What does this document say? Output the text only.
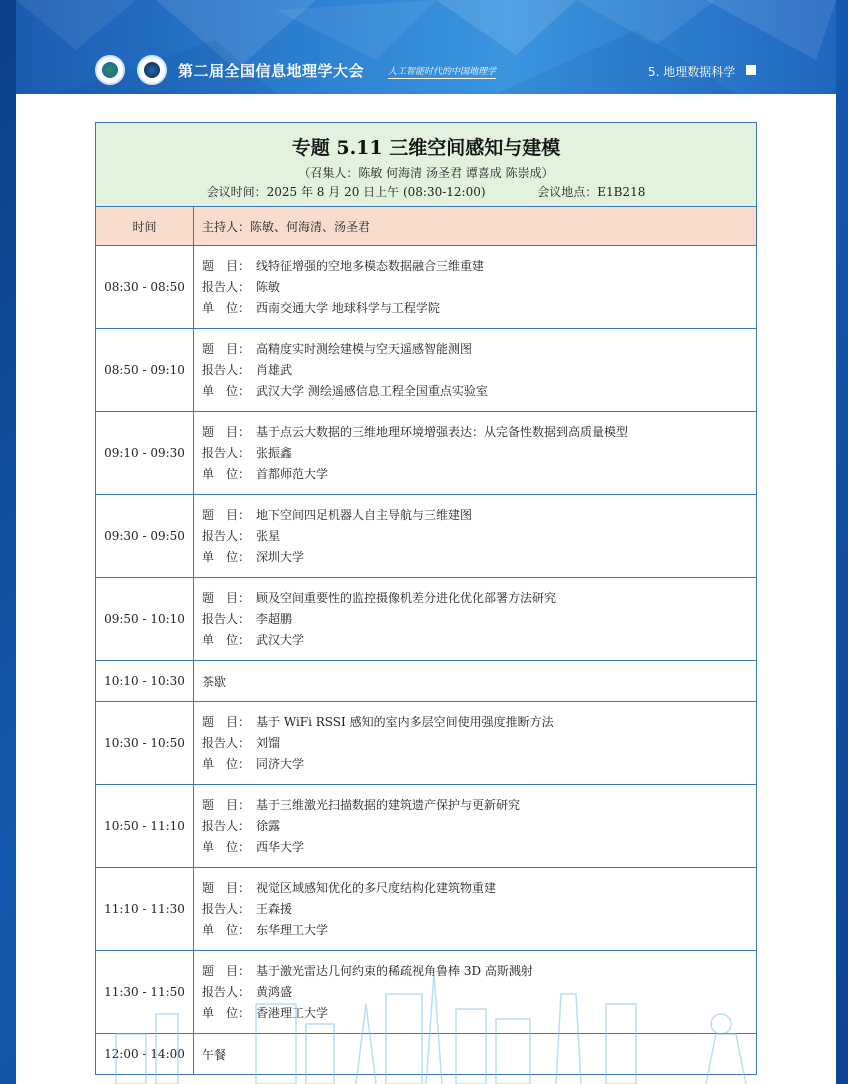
第二届全国信息地理学大会	人工智能时代的中国地理学	5. 地理数据科学
专题 5.11 三维空间感知与建模
（召集人：陈敏 何海清 汤圣君 谭喜成 陈崇成）
会议时间：2025 年 8 月 20 日上午 (08:30-12:00) 会议地点：E1B218	

时间	主持人：陈敏、何海清、汤圣君
08:30 - 08:50	题　目： 线特征增强的空地多模态数据融合三维重建
报告人： 陈敏
单　位： 西南交通大学 地球科学与工程学院

08:50 - 09:10	题　目： 高精度实时测绘建模与空天遥感智能测图
报告人： 肖雄武
单　位： 武汉大学 测绘遥感信息工程全国重点实验室

09:10 - 09:30	题　目： 基于点云大数据的三维地理环境增强表达：从完备性数据到高质量模型
报告人： 张振鑫
单　位： 首都师范大学

09:30 - 09:50	题　目： 地下空间四足机器人自主导航与三维建图
报告人： 张星
单　位： 深圳大学

09:50 - 10:10	题　目： 顾及空间重要性的监控摄像机差分进化优化部署方法研究
报告人： 李超鹏
单　位： 武汉大学

10:10 - 10:30	茶歇
10:30 - 10:50	题　目： 基于 WiFi RSSI 感知的室内多层空间使用强度推断方法
报告人： 刘馏
单　位： 同济大学

10:50 - 11:10	题　目： 基于三维激光扫描数据的建筑遗产保护与更新研究
报告人： 徐露
单　位： 西华大学

11:10 - 11:30	题　目： 视觉区域感知优化的多尺度结构化建筑物重建
报告人： 王森援
单　位： 东华理工大学

11:30 - 11:50	题　目： 基于激光雷达几何约束的稀疏视角鲁棒 3D 高斯溅射
报告人： 黄鸿盛
单　位： 香港理工大学

12:00 - 14:00	午餐
